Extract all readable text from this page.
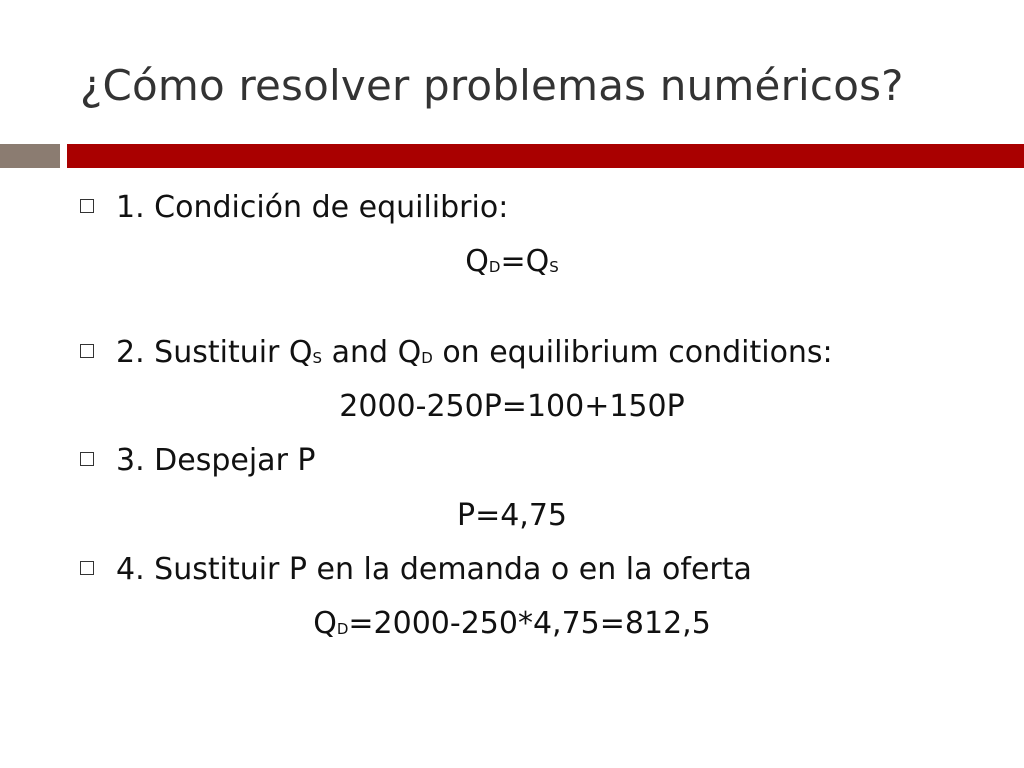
¿Cómo resolver problemas numéricos?
1. Condición de equilibrio:
QD=QS
2. Sustituir QS and QD on equilibrium conditions:
2000-250P=100+150P
3. Despejar P
P=4,75
4. Sustituir P en la demanda o en la oferta
QD=2000-250*4,75=812,5
